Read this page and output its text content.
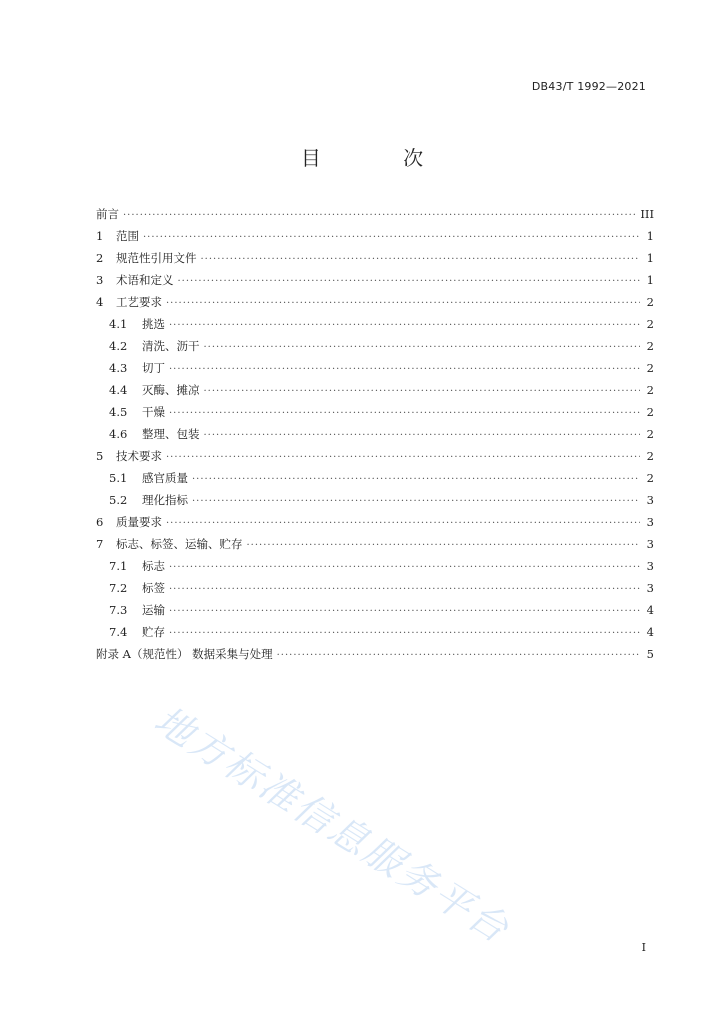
DB43/T 1992—2021
目 次
前言 ·····	III
1	范围 ·····	1
2	规范性引用文件 ·····	1
3	术语和定义 ·····	1
4	工艺要求 ·····	2
4.1	挑选 ·····	2
4.2	清洗、沥干 ·····	2
4.3	切丁 ·····	2
4.4	灭酶、摊凉 ·····	2
4.5	干燥 ·····	2
4.6	整理、包装 ·····	2
5	技术要求 ·····	2
5.1	感官质量 ·····	2
5.2	理化指标 ·····	3
6	质量要求 ·····	3
7	标志、标签、运输、贮存 ·····	3
7.1	标志 ·····	3
7.2	标签 ·····	3
7.3	运输 ·····	4
7.4	贮存 ·····	4
附录 A（规范性） 数据采集与处理 ·····	5
I
地方标准信息服务平台
